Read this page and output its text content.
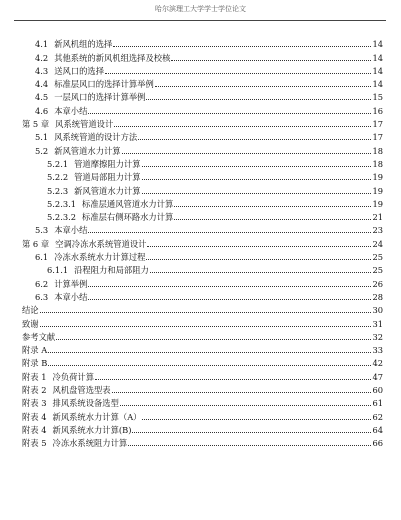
哈尔滨理工大学学士学位论文
4.1 新风机组的选择	14
4.2 其他系统的新风机组选择及校核	14
4.3 送风口的选择	14
4.4 标准层风口的选择计算举例	14
4.5 一层风口的选择计算举例	15
4.6 本章小结	16
第 5 章 风系统管道设计	17
5.1 风系统管道的设计方法	17
5.2 新风管道水力计算	18
5.2.1 管道摩擦阻力计算	18
5.2.2 管道局部阻力计算	19
5.2.3 新风管道水力计算	19
5.2.3.1 标准层通风管道水力计算	19
5.2.3.2 标准层右侧环路水力计算	21
5.3 本章小结	23
第 6 章 空调冷冻水系统管道设计	24
6.1 冷冻水系统水力计算过程	25
6.1.1 沿程阻力和局部阻力	25
6.2 计算举例	26
6.3 本章小结	28
结论	30
致谢	31
参考文献	32
附录 A	33
附录 B	42
附表 1 冷负荷计算	47
附表 2 风机盘管选型表	60
附表 3 排风系统设备选型	61
附表 4 新风系统水力计算（A）	62
附表 4 新风系统水力计算(B)	64
附表 5 冷冻水系统阻力计算	66
